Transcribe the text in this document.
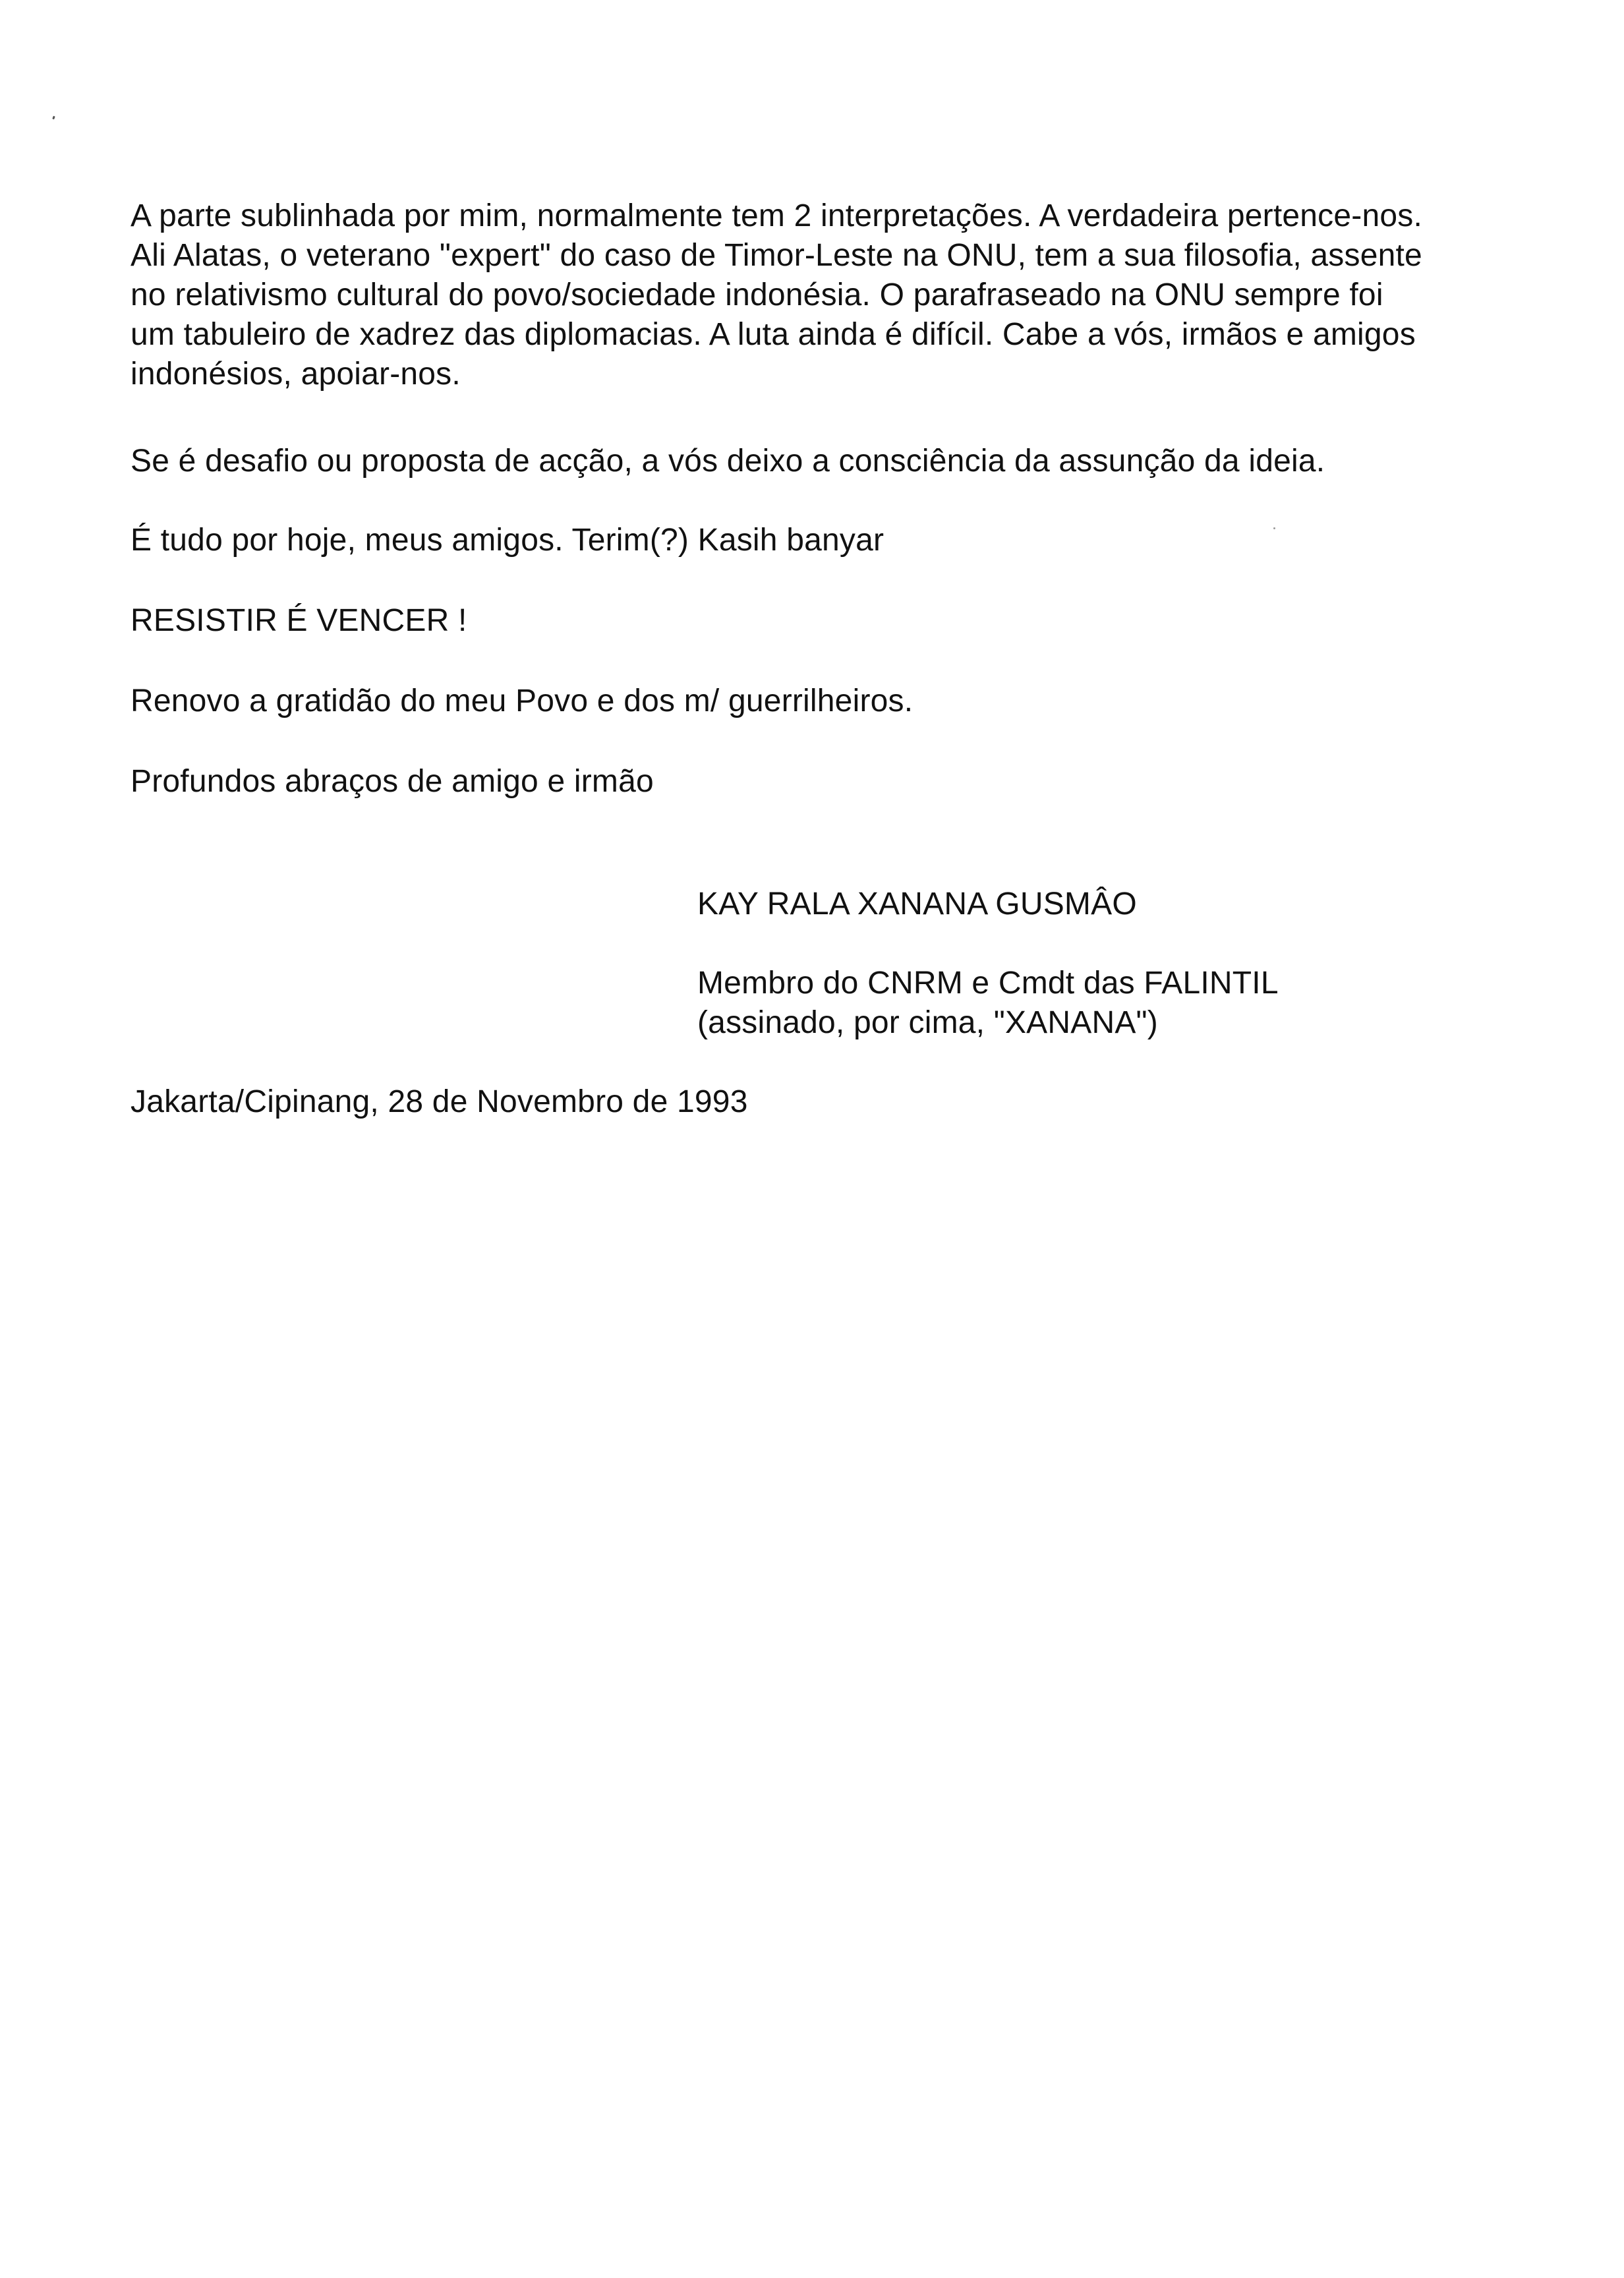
A parte sublinhada por mim, normalmente tem 2 interpretações. A verdadeira pertence-nos.
Ali Alatas, o veterano "expert" do caso de Timor-Leste na ONU, tem a sua filosofia, assente
no relativismo cultural do povo/sociedade indonésia. O parafraseado na ONU sempre foi
um tabuleiro de xadrez das diplomacias. A luta ainda é difícil. Cabe a vós, irmãos e amigos
indonésios, apoiar-nos.

Se é desafio ou proposta de acção, a vós deixo a consciência da assunção da ideia.

É tudo por hoje, meus amigos. Terim(?) Kasih banyar

RESISTIR É VENCER !

Renovo a gratidão do meu Povo e dos m/ guerrilheiros.

Profundos abraços de amigo e irmão

KAY RALA XANANA GUSMÂO

Membro do CNRM e Cmdt das FALINTIL
(assinado, por cima, "XANANA")

Jakarta/Cipinang, 28 de Novembro de 1993
